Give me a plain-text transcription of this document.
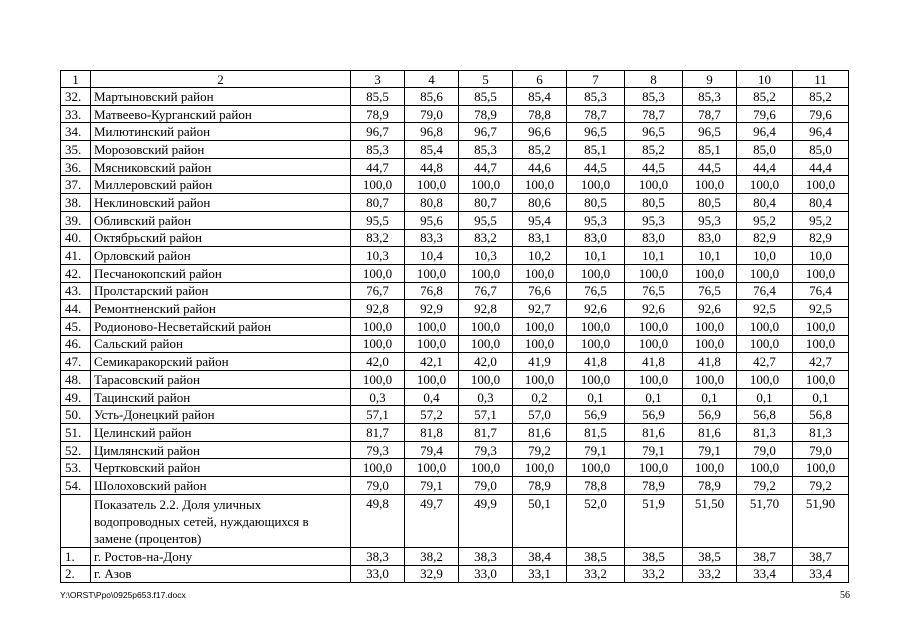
1	2	3	4	5	6	7	8	9	10	11
32.	Мартыновский район	85,5	85,6	85,5	85,4	85,3	85,3	85,3	85,2	85,2
33.	Матвеево-Курганский район	78,9	79,0	78,9	78,8	78,7	78,7	78,7	79,6	79,6
34.	Милютинский район	96,7	96,8	96,7	96,6	96,5	96,5	96,5	96,4	96,4
35.	Морозовский район	85,3	85,4	85,3	85,2	85,1	85,2	85,1	85,0	85,0
36.	Мясниковский район	44,7	44,8	44,7	44,6	44,5	44,5	44,5	44,4	44,4
37.	Миллеровский район	100,0	100,0	100,0	100,0	100,0	100,0	100,0	100,0	100,0
38.	Неклиновский район	80,7	80,8	80,7	80,6	80,5	80,5	80,5	80,4	80,4
39.	Обливский район	95,5	95,6	95,5	95,4	95,3	95,3	95,3	95,2	95,2
40.	Октябрьский район	83,2	83,3	83,2	83,1	83,0	83,0	83,0	82,9	82,9
41.	Орловский район	10,3	10,4	10,3	10,2	10,1	10,1	10,1	10,0	10,0
42.	Песчанокопский район	100,0	100,0	100,0	100,0	100,0	100,0	100,0	100,0	100,0
43.	Пролстарский район	76,7	76,8	76,7	76,6	76,5	76,5	76,5	76,4	76,4
44.	Ремонтненский район	92,8	92,9	92,8	92,7	92,6	92,6	92,6	92,5	92,5
45.	Родионово-Несветайский район	100,0	100,0	100,0	100,0	100,0	100,0	100,0	100,0	100,0
46.	Сальский район	100,0	100,0	100,0	100,0	100,0	100,0	100,0	100,0	100,0
47.	Семикаракорский район	42,0	42,1	42,0	41,9	41,8	41,8	41,8	42,7	42,7
48.	Тарасовский район	100,0	100,0	100,0	100,0	100,0	100,0	100,0	100,0	100,0
49.	Тацинский район	0,3	0,4	0,3	0,2	0,1	0,1	0,1	0,1	0,1
50.	Усть-Донецкий район	57,1	57,2	57,1	57,0	56,9	56,9	56,9	56,8	56,8
51.	Целинский район	81,7	81,8	81,7	81,6	81,5	81,6	81,6	81,3	81,3
52.	Цимлянский район	79,3	79,4	79,3	79,2	79,1	79,1	79,1	79,0	79,0
53.	Чертковский район	100,0	100,0	100,0	100,0	100,0	100,0	100,0	100,0	100,0
54.	Шолоховский район	79,0	79,1	79,0	78,9	78,8	78,9	78,9	79,2	79,2
	Показатель 2.2. Доля уличных водопроводных сетей, нуждающихся в замене (процентов)	49,8	49,7	49,9	50,1	52,0	51,9	51,50	51,70	51,90
1.	г. Ростов-на-Дону	38,3	38,2	38,3	38,4	38,5	38,5	38,5	38,7	38,7
2.	г. Азов	33,0	32,9	33,0	33,1	33,2	33,2	33,2	33,4	33,4
Y:\ORST\Ppo\0925p653.f17.docx	56
